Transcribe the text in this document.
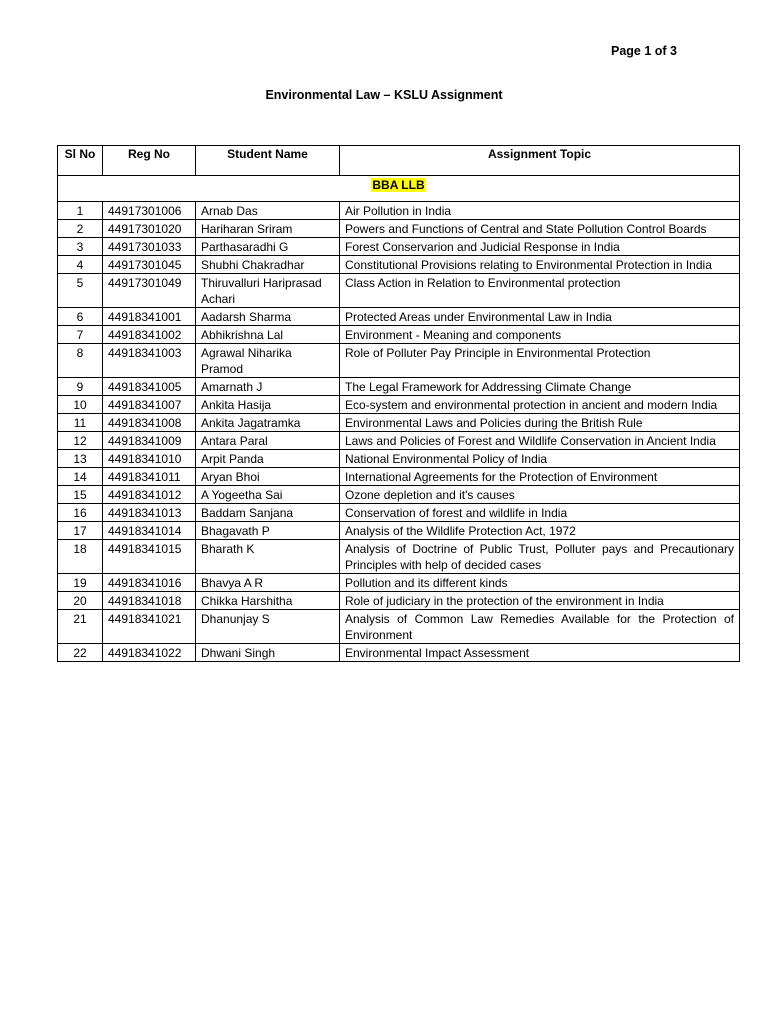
Page 1 of 3
Environmental Law – KSLU Assignment
Sl No	Reg No	Student Name	Assignment Topic
BBA LLB			
1	44917301006	Arnab Das	Air Pollution in India
2	44917301020	Hariharan Sriram	Powers and Functions of Central and State Pollution Control Boards
3	44917301033	Parthasaradhi G	Forest Conservarion and Judicial Response in India
4	44917301045	Shubhi Chakradhar	Constitutional Provisions relating to Environmental Protection in India
5	44917301049	Thiruvalluri Hariprasad Achari	Class Action in Relation to Environmental protection
6	44918341001	Aadarsh Sharma	Protected Areas under Environmental Law in India
7	44918341002	Abhikrishna Lal	Environment - Meaning and components
8	44918341003	Agrawal Niharika Pramod	Role of Polluter Pay Principle in Environmental Protection
9	44918341005	Amarnath J	The Legal Framework for Addressing Climate Change
10	44918341007	Ankita Hasija	Eco-system and environmental protection in ancient and modern India
11	44918341008	Ankita Jagatramka	Environmental Laws and Policies during the British Rule
12	44918341009	Antara Paral	Laws and Policies of Forest and Wildlife Conservation in Ancient India
13	44918341010	Arpit Panda	National Environmental Policy of India
14	44918341011	Aryan Bhoi	International Agreements for the Protection of Environment
15	44918341012	A Yogeetha Sai	Ozone depletion and it's causes
16	44918341013	Baddam Sanjana	Conservation of forest and wildlife in India
17	44918341014	Bhagavath P	Analysis of the Wildlife Protection Act, 1972
18	44918341015	Bharath K	Analysis of Doctrine of Public Trust, Polluter pays and Precautionary Principles with help of decided cases
19	44918341016	Bhavya A R	Pollution and its different kinds
20	44918341018	Chikka Harshitha	Role of judiciary in the protection of the environment in India
21	44918341021	Dhanunjay S	Analysis of Common Law Remedies Available for the Protection of Environment
22	44918341022	Dhwani Singh	Environmental Impact Assessment
